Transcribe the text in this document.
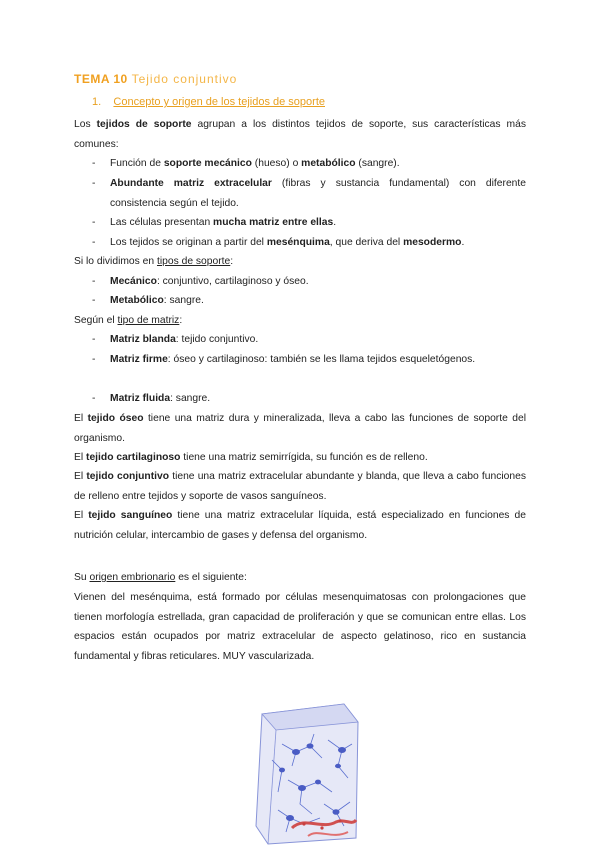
TEMA 10 Tejido conjuntivo
1. Concepto y origen de los tejidos de soporte
Los tejidos de soporte agrupan a los distintos tejidos de soporte, sus características más comunes:
- Función de soporte mecánico (hueso) o metabólico (sangre).
- Abundante matriz extracelular (fibras y sustancia fundamental) con diferente consistencia según el tejido.
- Las células presentan mucha matriz entre ellas.
- Los tejidos se originan a partir del mesénquima, que deriva del mesodermo.
Si lo dividimos en tipos de soporte:
- Mecánico: conjuntivo, cartilaginoso y óseo.
- Metabólico: sangre.
Según el tipo de matriz:
- Matriz blanda: tejido conjuntivo.
- Matriz firme: óseo y cartilaginoso: también se les llama tejidos esqueletógenos.
- Matriz fluida: sangre.
El tejido óseo tiene una matriz dura y mineralizada, lleva a cabo las funciones de soporte del organismo.
El tejido cartilaginoso tiene una matriz semirrígida, su función es de relleno.
El tejido conjuntivo tiene una matriz extracelular abundante y blanda, que lleva a cabo funciones de relleno entre tejidos y soporte de vasos sanguíneos.
El tejido sanguíneo tiene una matriz extracelular líquida, está especializado en funciones de nutrición celular, intercambio de gases y defensa del organismo.
Su origen embrionario es el siguiente:
Vienen del mesénquima, está formado por células mesenquimatosas con prolongaciones que tienen morfología estrellada, gran capacidad de proliferación y que se comunican entre ellas. Los espacios están ocupados por matriz extracelular de aspecto gelatinoso, rico en sustancia fundamental y fibras reticulares. MUY vascularizada.
